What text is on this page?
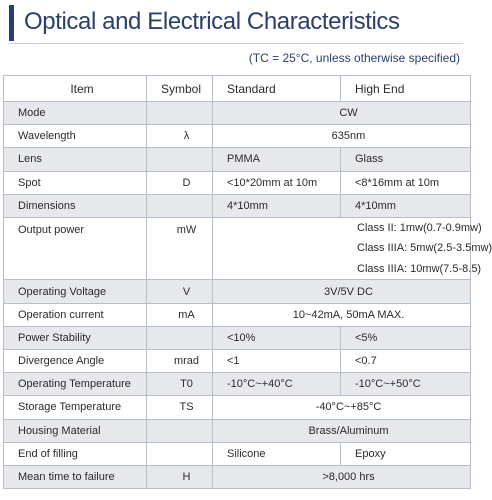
Optical and Electrical Characteristics
(TC = 25°C, unless otherwise specified)
Item	Symbol	Standard	High End
Mode		CW	
Wavelength	λ	635nm	
Lens		PMMA	Glass
Spot	D	<10*20mm at 10m	<8*16mm at 10m
Dimensions		4*10mm	4*10mm
Output power	mW	Class II: 1mw(0.7-0.9mw)
Class IIIA: 5mw(2.5-3.5mw)
Class IIIA: 10mw(7.5-8.5)	

Operating Voltage	V	3V/5V DC	
Operation current	mA	10~42mA, 50mA MAX.	
Power Stability		<10%	<5%
Divergence Angle	mrad	<1	<0.7
Operating Temperature	T0	-10°C~+40°C	-10°C~+50°C
Storage Temperature	TS	-40°C~+85°C	
Housing Material		Brass/Aluminum	
End of filling		Silicone	Epoxy
Mean time to failure	H	>8,000 hrs	
